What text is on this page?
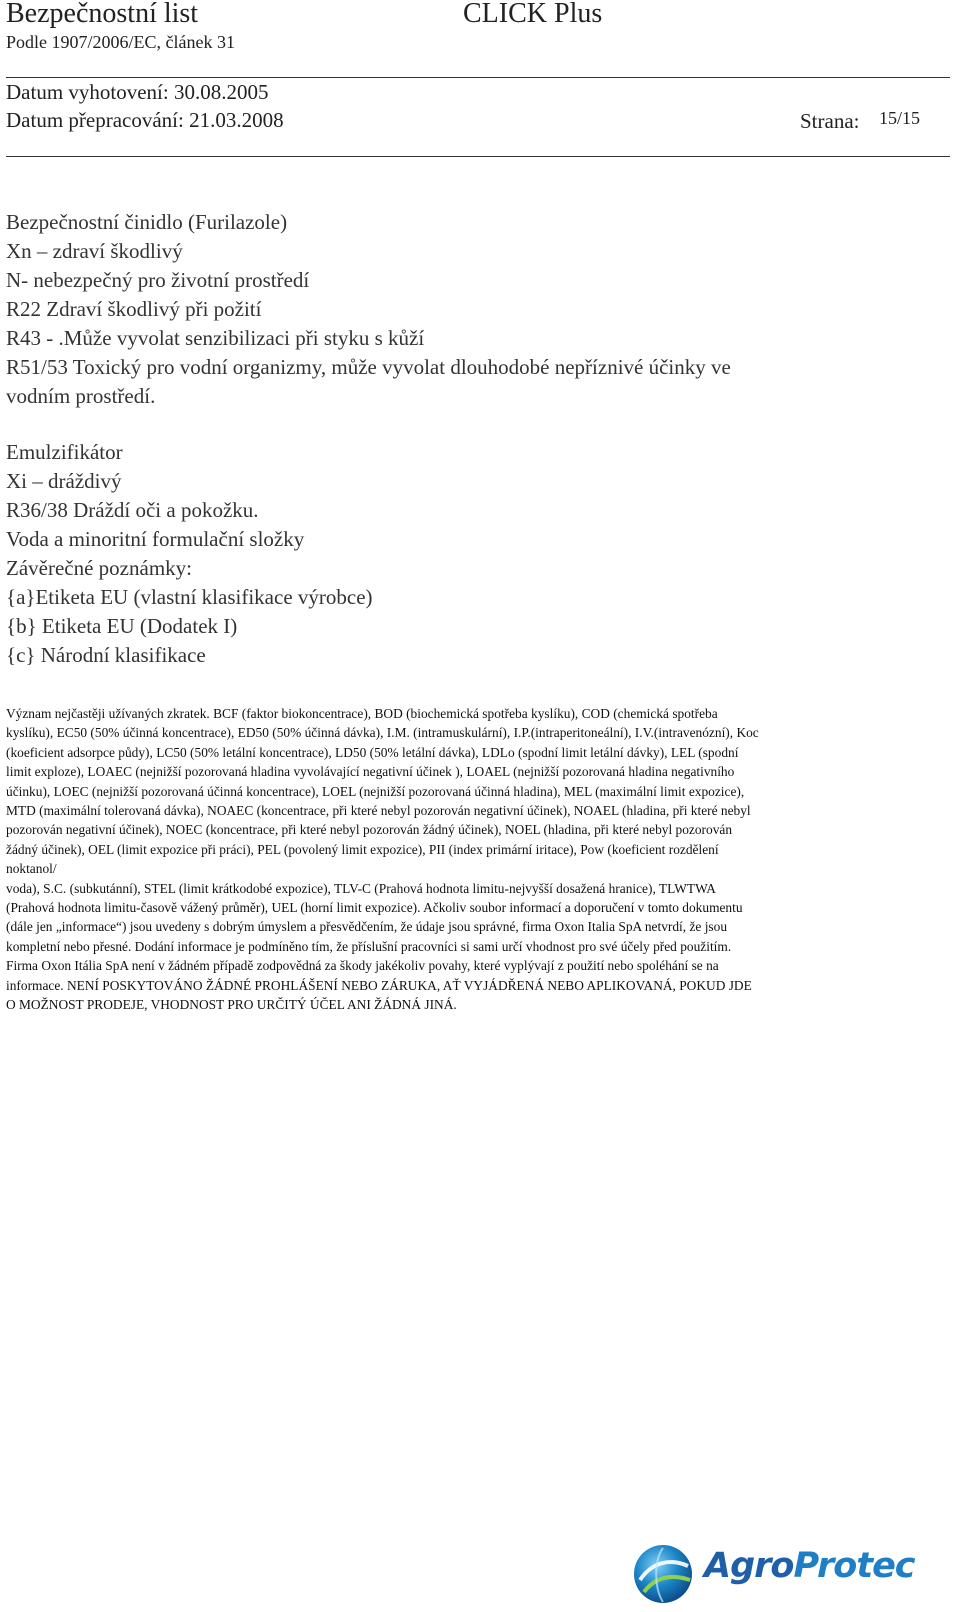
Bezpečnostní list	CLICK Plus
Podle 1907/2006/EC, článek 31
Datum vyhotovení: 30.08.2005
Datum přepracování: 21.03.2008	Strana: 15/15
Bezpečnostní činidlo (Furilazole)
Xn – zdraví škodlivý
N- nebezpečný pro životní prostředí
R22 Zdraví škodlivý při požití
R43 - .Může vyvolat senzibilizaci při styku s kůží
R51/53 Toxický pro vodní organizmy, může vyvolat dlouhodobé nepříznivé účinky ve
vodním prostředí.
Emulzifikátor
Xi – dráždivý
R36/38 Dráždí oči a pokožku.
Voda a minoritní formulační složky
Závěrečné poznámky:
{a}Etiketa EU (vlastní klasifikace výrobce)
{b} Etiketa EU (Dodatek I)
{c} Národní klasifikace
Význam nejčastěji užívaných zkratek. BCF (faktor biokoncentrace), BOD (biochemická spotřeba kyslíku), COD (chemická spotřeba
kyslíku), EC50 (50% účinná koncentrace), ED50 (50% účinná dávka), I.M. (intramuskulární), I.P.(intraperitoneální), I.V.(intravenózní), Koc
(koeficient adsorpce půdy), LC50 (50% letální koncentrace), LD50 (50% letální dávka), LDLo (spodní limit letální dávky), LEL (spodní
limit exploze), LOAEC (nejnižší pozorovaná hladina vyvolávající negativní účinek ), LOAEL (nejnižší pozorovaná hladina negativního
účinku), LOEC (nejnižší pozorovaná účinná koncentrace), LOEL (nejnižší pozorovaná účinná hladina), MEL (maximální limit expozice),
MTD (maximální tolerovaná dávka), NOAEC (koncentrace, při které nebyl pozorován negativní účinek), NOAEL (hladina, při které nebyl
pozorován negativní účinek), NOEC (koncentrace, při které nebyl pozorován žádný účinek), NOEL (hladina, při které nebyl pozorován
žádný účinek), OEL (limit expozice při práci), PEL (povolený limit expozice), PII (index primární iritace), Pow (koeficient rozdělení
noktanol/
voda), S.C. (subkutánní), STEL (limit krátkodobé expozice), TLV-C (Prahová hodnota limitu-nejvyšší dosažená hranice), TLWTWA
(Prahová hodnota limitu-časově vážený průměr), UEL (horní limit expozice). Ačkoliv soubor informací a doporučení v tomto dokumentu
(dále jen „informace“) jsou uvedeny s dobrým úmyslem a přesvědčením, že údaje jsou správné, firma Oxon Italia SpA netvrdí, že jsou
kompletní nebo přesné. Dodání informace je podmíněno tím, že příslušní pracovníci si sami určí vhodnost pro své účely před použitím.
Firma Oxon Itália SpA není v žádném případě zodpovědná za škody jakékoliv povahy, které vyplývají z použití nebo spoléhání se na
informace. NENÍ POSKYTOVÁNO ŽÁDNÉ PROHLÁŠENÍ NEBO ZÁRUKA, AŤ VYJÁDŘENÁ NEBO APLIKOVANÁ, POKUD JDE
O MOŽNOST PRODEJE, VHODNOST PRO URČITÝ ÚČEL ANI ŽÁDNÁ JINÁ.
AgroProtec
